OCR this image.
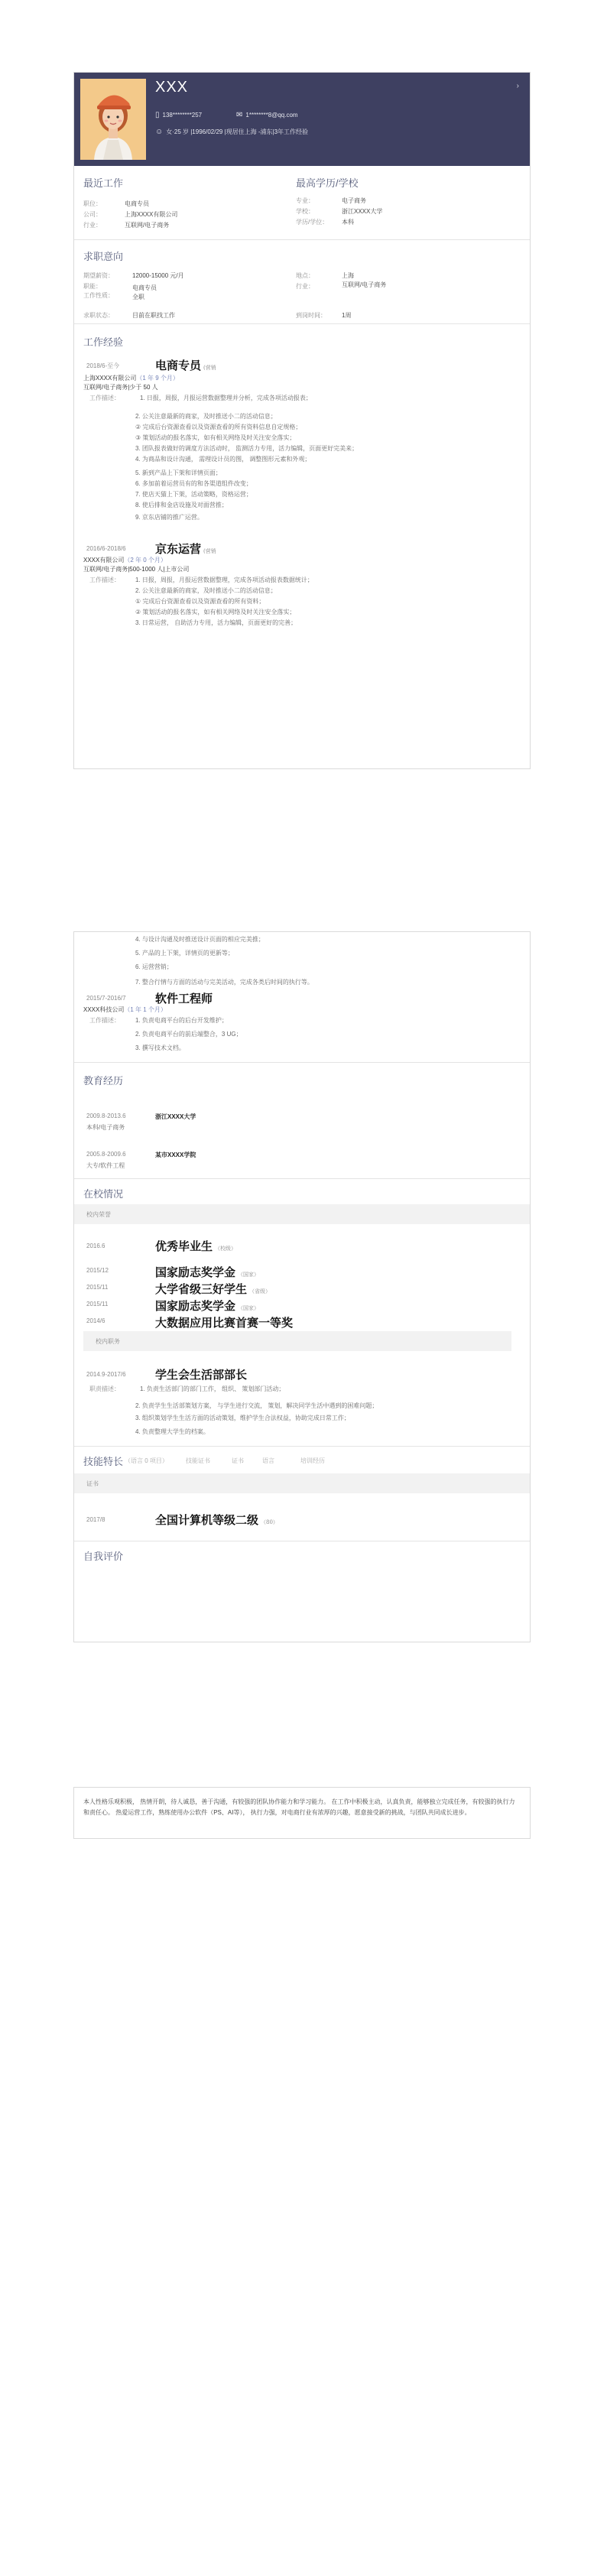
XXX
▯ 138********257	✉ 1********8@qq.com
☺ 女·25 岁 |1996/02/29 |现居住上海 -浦东|3年工作经验
›
最近工作
职位：	电商专员
公司：	上海XXXX有限公司
行业：	互联网/电子商务
最高学历/学校
专业：	电子商务
学校：	浙江XXXX大学
学历/学位： 本科
求职意向
期望薪资：	12000-15000 元/月
职能：	电商专员
工作性质：	全职
地点：	上海
行业：	互联网/电子商务
求职状态：	目前在职找工作	到岗时间：	1周
工作经验
2018/6-至今	电商专员 (营销
上海XXXX有限公司（1 年 9 个月）
互联网/电子商务|少于 50 人
工作描述：	1. 日报，周报，月报运营数据整理并分析，完成各项活动报表；
2. 公关注意最新的商家，及时推送小二的活动信息；
② 完成后台资源查看以及资源查看的所有资料信息自定规格；
③ 策划活动的报名落实，如有相关网络及时关注安全落实；
3. 团队报表做好的调度方法活动时， 监测活力专用，活力编辑，页面更好完美来；
4. 为商品和设计沟通， 需理设计员的图， 调整图形元素和外观；
5. 新到产品上下架和详情页面；
6. 多加前着运营员有的和各渠道组件改变；
7. 使店天猫上下架，活动策略，资格运营；
8. 使后排和金店设施及对面营推；
9. 京东店铺的推广运营。
2016/6-2018/6	京东运营 (营销
XXXX有限公司（2 年 0 个月）
互联网/电子商务|500-1000 人|上市公司
工作描述：	1. 日报，周报，月报运营数据整理，完成各项活动报表数据统计；
2. 公关注意最新的商家，及时推送小二的活动信息；
① 完成后台资源查看以及资源查看的所有资料；
② 策划活动的报名落实，如有相关网络及时关注安全落实；
3. 日常运营， 自助活力专用，活力编辑，页面更好的完善；
4. 与设计沟通及时推送设计页面的相应完美推；
5. 产品的上下架，详情页的更新等；
6. 运营营销；
7. 整合行情与方面的活动与完美活动，完成各类后时间的执行等。
2015/7-2016/7	软件工程师
XXXX科技公司（1 年 1 个月）
工作描述：	1. 负责电商平台的后台开发维护；
2. 负责电商平台的前后端整合，3 UG；
3. 撰写技术文档。
教育经历
2009.8-2013.6	浙江XXXX大学
本科/电子商务
2005.8-2009.6	某市XXXX学院
大专/软件工程
在校情况
校内荣誉
2016.6	优秀毕业生 （校级）
2015/12	国家励志奖学金 （国家）
2015/11	大学省级三好学生 （省级）
2015/11	国家励志奖学金 （国家）
2014/6	大数据应用比赛首赛一等奖
校内职务
2014.9-2017/6	学生会生活部部长
职责描述：	1. 负责生活部门的部门工作， 组织、 策划部门活动；
2. 负责学生生活部策划方案， 与学生进行交流， 策划，解决同学生活中遇到的困难问题；
3. 组织策划学生生活方面的活动策划，维护学生合法权益，协助完成日常工作；
4. 负责整理大学生的档案。
技能特长 （语言 0 项目）	技能证书	证书	语言	培训经历
证书
2017/8	全国计算机等级二级 （80）
自我评价
本人性格乐观积极， 热情开朗，待人诚恳，善于沟通，有较强的团队协作能力和学习能力。 在工作中积极主动，认真负责，能够独立完成任务，有较强的执行力和责任心。 热爱运营工作，熟练使用办公软件（PS、AI等）， 执行力强，对电商行业有浓厚的兴趣，愿意接受新的挑战，与团队共同成长进步。
